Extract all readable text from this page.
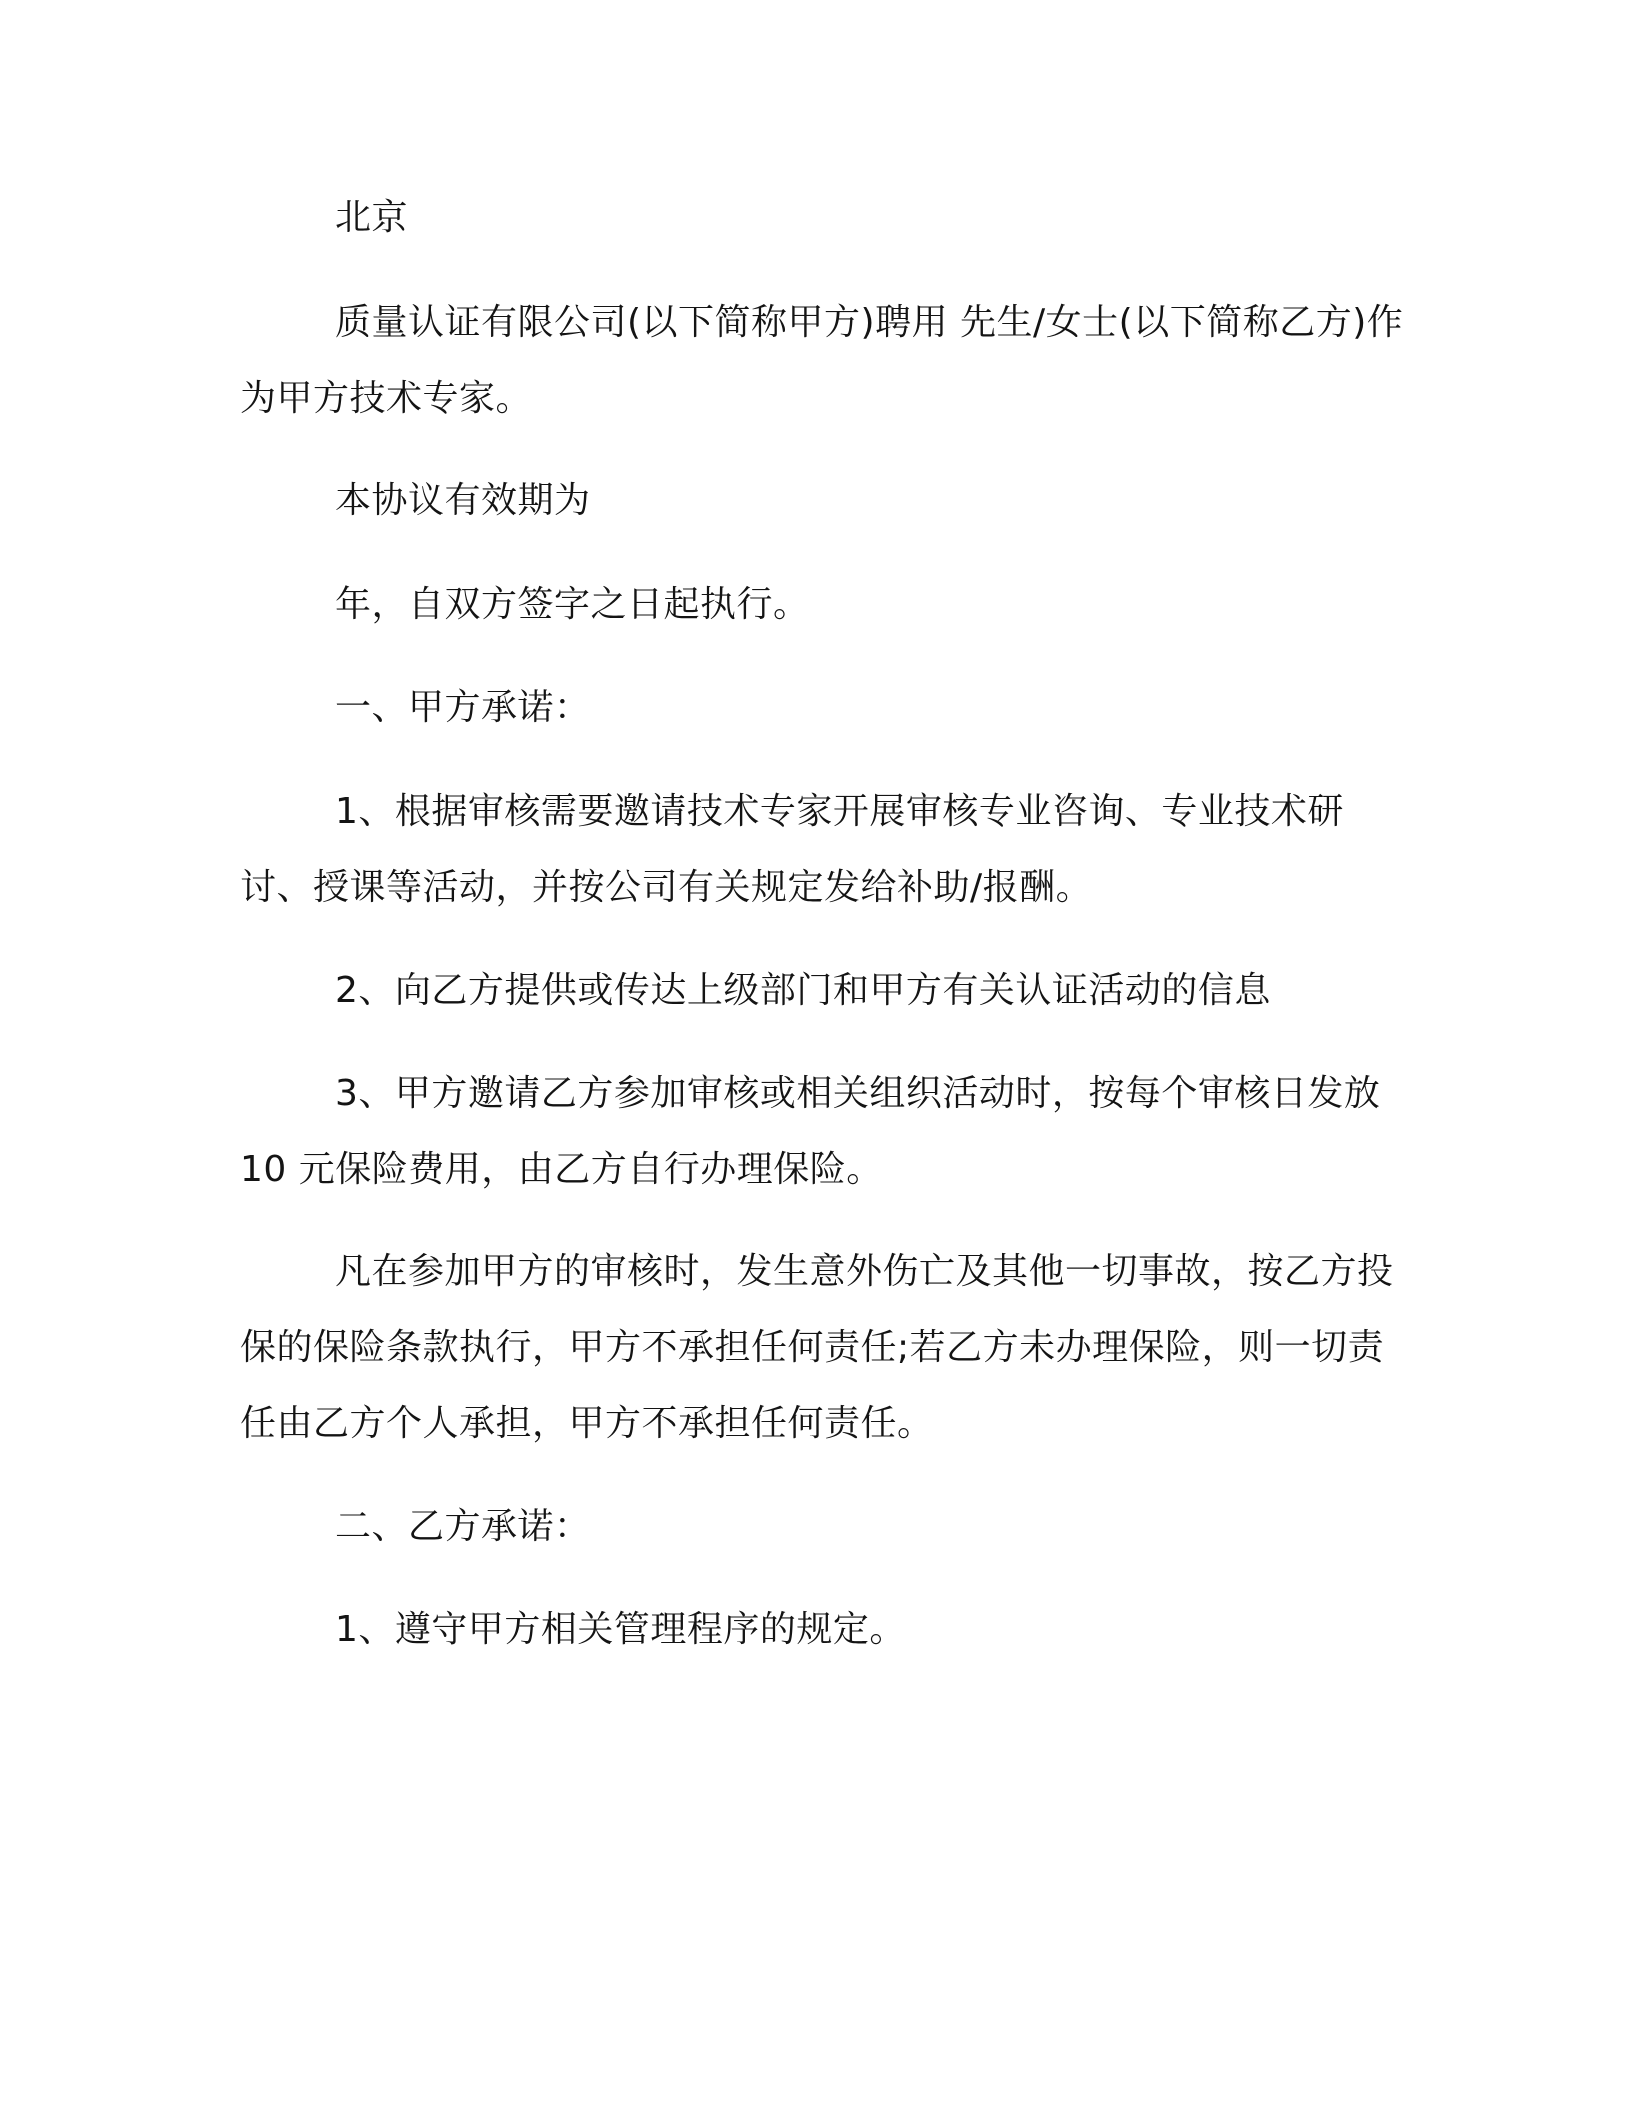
北京

质量认证有限公司(以下简称甲方)聘用 先生/女士(以下简称乙方)作为甲方技术专家。

本协议有效期为

年，自双方签字之日起执行。

一、甲方承诺：

1、根据审核需要邀请技术专家开展审核专业咨询、专业技术研讨、授课等活动，并按公司有关规定发给补助/报酬。

2、向乙方提供或传达上级部门和甲方有关认证活动的信息

3、甲方邀请乙方参加审核或相关组织活动时，按每个审核日发放 10 元保险费用，由乙方自行办理保险。

凡在参加甲方的审核时，发生意外伤亡及其他一切事故，按乙方投保的保险条款执行，甲方不承担任何责任;若乙方未办理保险，则一切责任由乙方个人承担，甲方不承担任何责任。

二、乙方承诺：

1、遵守甲方相关管理程序的规定。
